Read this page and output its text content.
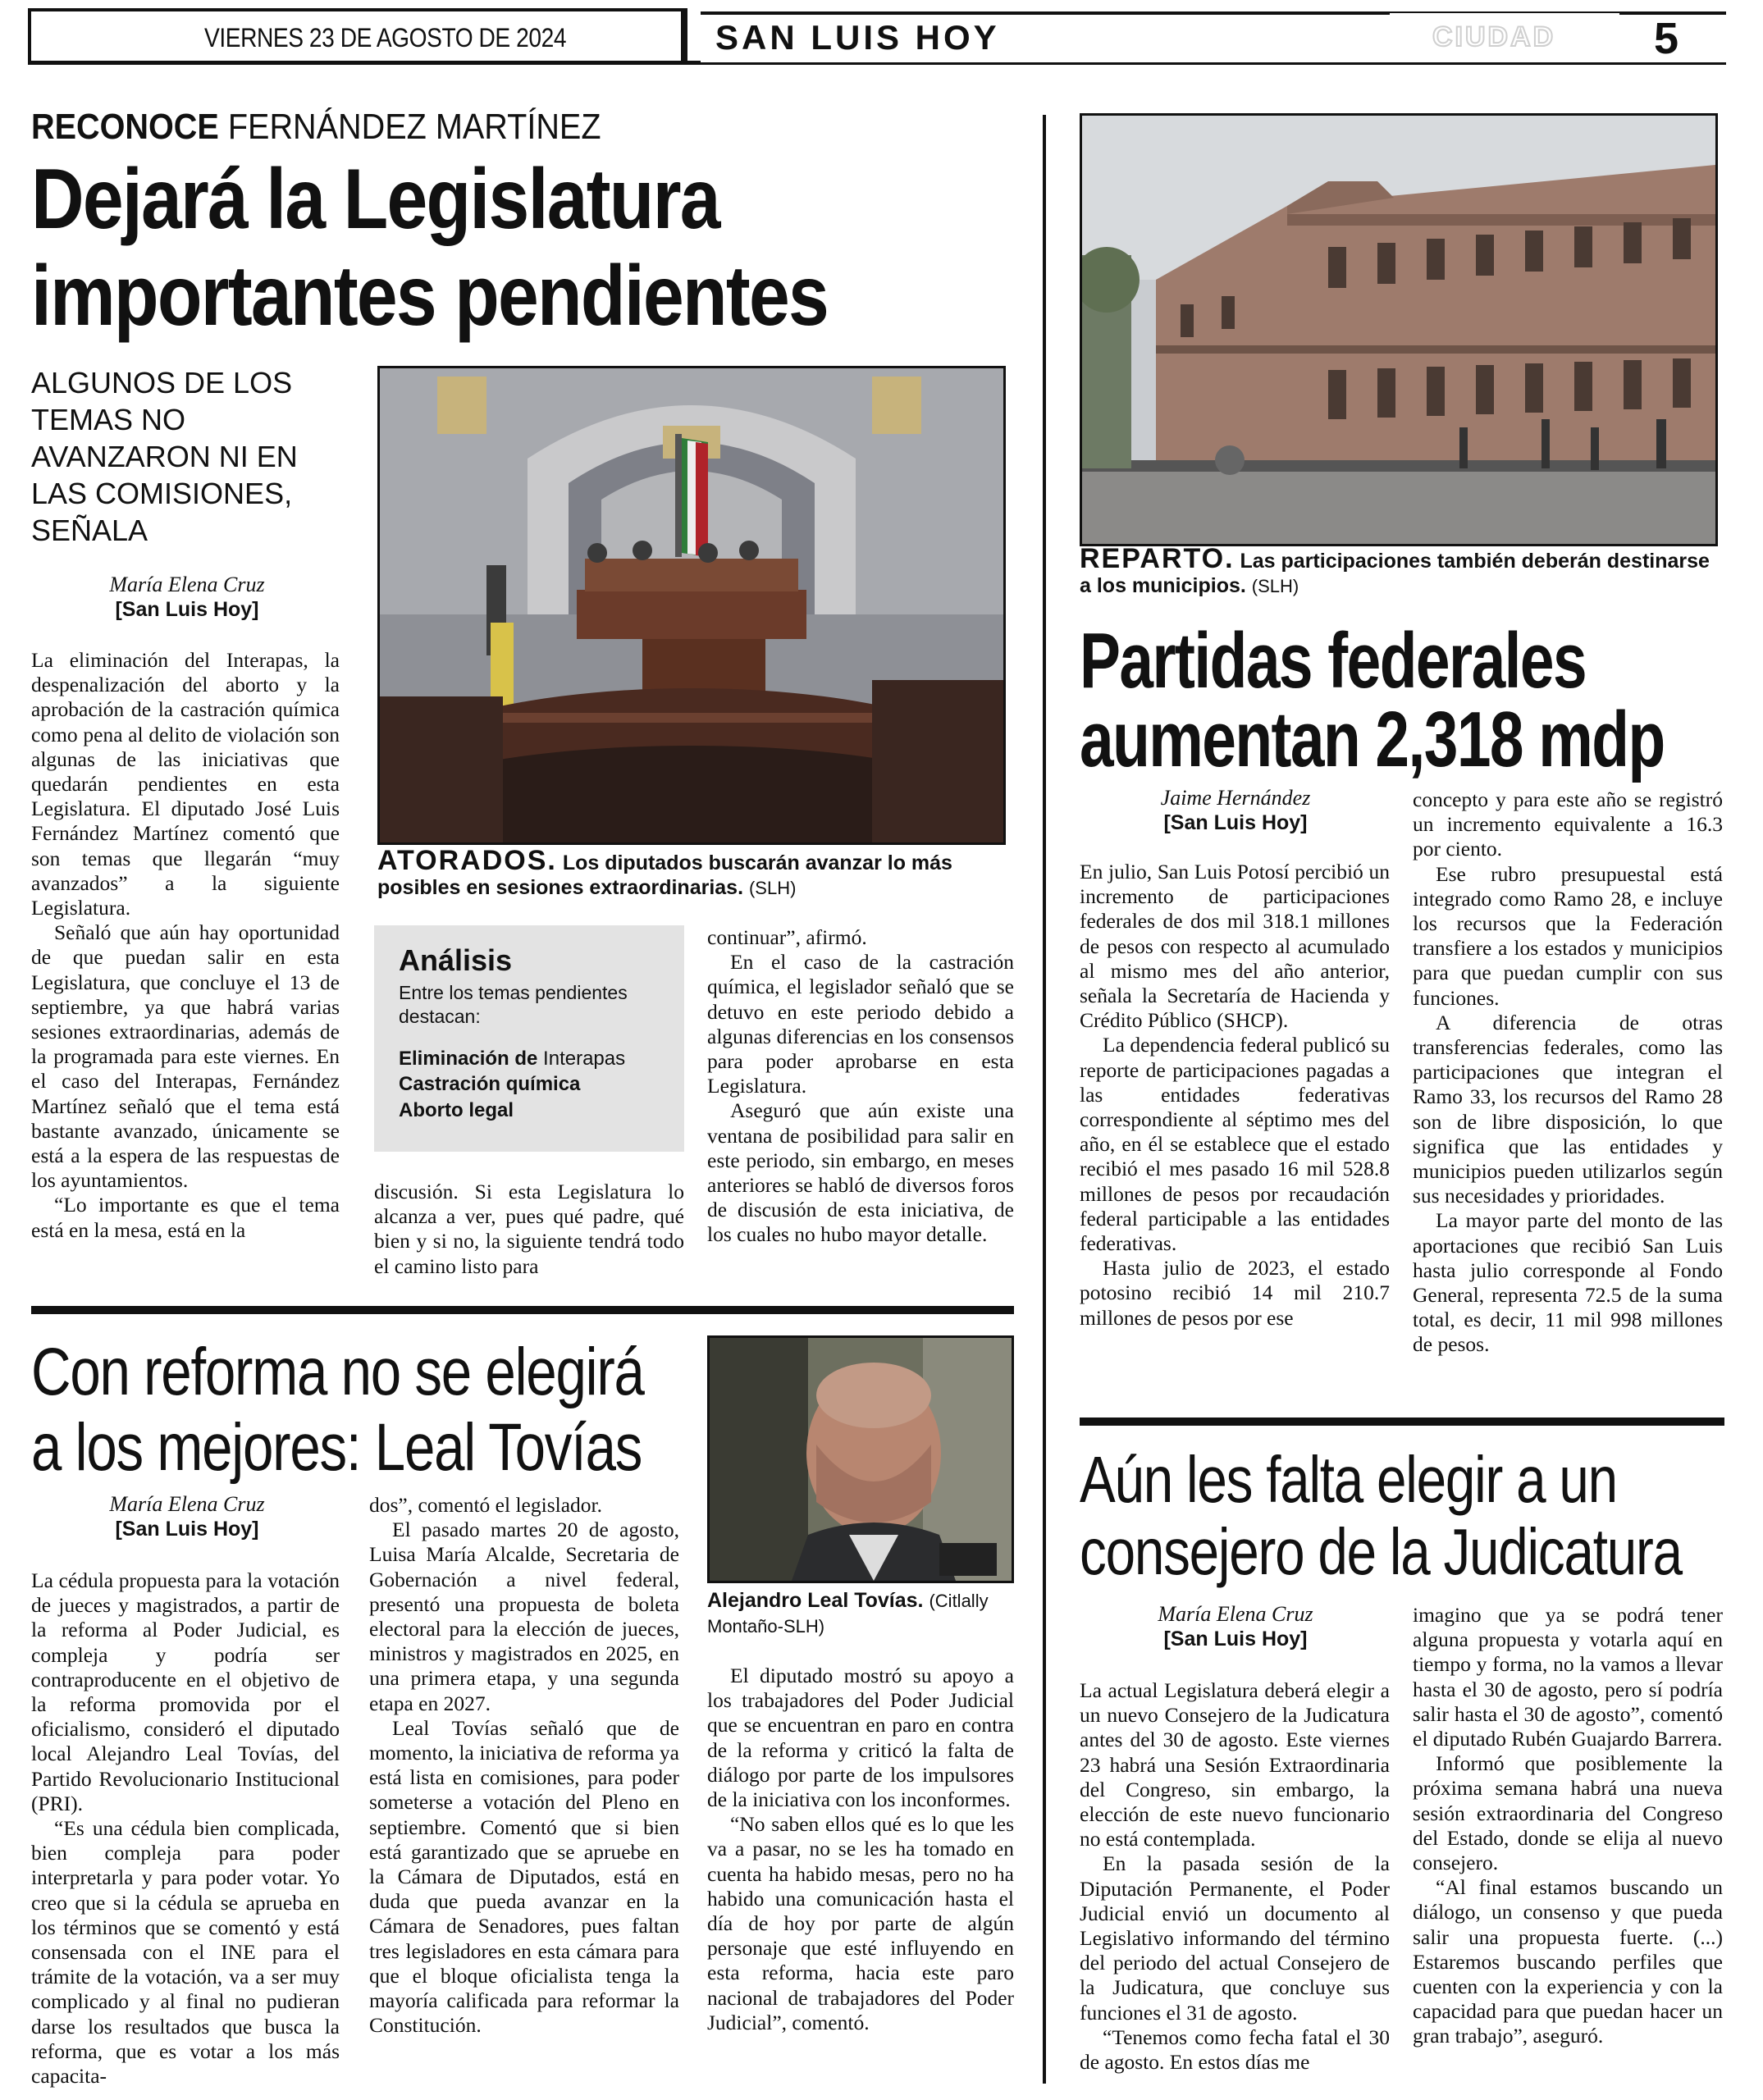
VIERNES 23 DE AGOSTO DE 2024	SAN LUIS HOY	CIUDAD 5
RECONOCE FERNÁNDEZ MARTÍNEZ
Dejará la Legislatura
importantes pendientes
ALGUNOS DE LOS TEMAS NO AVANZARON NI EN LAS COMISIONES, SEÑALA
María Elena Cruz
[San Luis Hoy]

La eliminación del Interapas, la despenalización del aborto y la aprobación de la castración química como pena al delito de violación son algunas de las iniciativas que quedarán pendientes en esta Legislatura. El diputado José Luis Fernández Martínez comentó que son temas que llegarán “muy avanzados” a la siguiente Legislatura.

Señaló que aún hay oportunidad de que puedan salir en esta Legislatura, que concluye el 13 de septiembre, ya que habrá varias sesiones extraordinarias, además de la programada para este viernes. En el caso del Interapas, Fernández Martínez señaló que el tema está bastante avanzado, únicamente se está a la espera de las respuestas de los ayuntamientos.

“Lo importante es que el tema está en la mesa, está en la

ATORADOS. Los diputados buscarán avanzar lo más posibles en sesiones extraordinarias. (SLH)
Análisis
Entre los temas pendientes destacan:
Eliminación de Interapas
Castración química
Aborto legal

discusión. Si esta Legislatura lo alcanza a ver, pues qué padre, qué bien y si no, la siguiente tendrá todo el camino listo para

continuar”, afirmó.

En el caso de la castración química, el legislador señaló que se detuvo en este periodo debido a algunas diferencias en los consensos para poder aprobarse en esta Legislatura.

Aseguró que aún existe una ventana de posibilidad para salir en este periodo, sin embargo, en meses anteriores se habló de diversos foros de discusión de esta iniciativa, de los cuales no hubo mayor detalle.

REPARTO. Las participaciones también deberán destinarse a los municipios. (SLH)
Partidas federales
aumentan 2,318 mdp
Jaime Hernández
[San Luis Hoy]

En julio, San Luis Potosí percibió un incremento de participaciones federales de dos mil 318.1 millones de pesos con respecto al acumulado al mismo mes del año anterior, señala la Secretaría de Hacienda y Crédito Público (SHCP).

La dependencia federal publicó su reporte de participaciones pagadas a las entidades federativas correspondiente al séptimo mes del año, en él se establece que el estado recibió el mes pasado 16 mil 528.8 millones de pesos por recaudación federal participable a las entidades federativas.

Hasta julio de 2023, el estado potosino recibió 14 mil 210.7 millones de pesos por ese

concepto y para este año se registró un incremento equivalente a 16.3 por ciento.

Ese rubro presupuestal está integrado como Ramo 28, e incluye los recursos que la Federación transfiere a los estados y municipios para que puedan cumplir con sus funciones.

A diferencia de otras transferencias federales, como las participaciones que integran el Ramo 33, los recursos del Ramo 28 son de libre disposición, lo que significa que las entidades y municipios pueden utilizarlos según sus necesidades y prioridades.

La mayor parte del monto de las aportaciones que recibió San Luis hasta julio corresponde al Fondo General, representa 72.5 de la suma total, es decir, 11 mil 998 millones de pesos.

Con reforma no se elegirá
a los mejores: Leal Tovías
María Elena Cruz
[San Luis Hoy]

La cédula propuesta para la votación de jueces y magistrados, a partir de la reforma al Poder Judicial, es compleja y podría ser contraproducente en el objetivo de la reforma promovida por el oficialismo, consideró el diputado local Alejandro Leal Tovías, del Partido Revolucionario Institucional (PRI).

“Es una cédula bien complicada, bien compleja para poder interpretarla y para poder votar. Yo creo que si la cédula se aprueba en los términos que se comentó y está consensada con el INE para el trámite de la votación, va a ser muy complicado y al final no pudieran darse los resultados que busca la reforma, que es votar a los más capacita-

dos”, comentó el legislador.

El pasado martes 20 de agosto, Luisa María Alcalde, Secretaria de Gobernación a nivel federal, presentó una propuesta de boleta electoral para la elección de jueces, ministros y magistrados en 2025, en una primera etapa, y una segunda etapa en 2027.

Leal Tovías señaló que de momento, la iniciativa de reforma ya está lista en comisiones, para poder someterse a votación del Pleno en septiembre. Comentó que si bien está garantizado que se apruebe en la Cámara de Diputados, está en duda que pueda avanzar en la Cámara de Senadores, pues faltan tres legisladores en esta cámara para que el bloque oficialista tenga la mayoría calificada para reformar la Constitución.

Alejandro Leal Tovías. (Citlally Montaño-SLH)

El diputado mostró su apoyo a los trabajadores del Poder Judicial que se encuentran en paro en contra de la reforma y criticó la falta de diálogo por parte de los impulsores de la iniciativa con los inconformes.

“No saben ellos qué es lo que les va a pasar, no se les ha tomado en cuenta ha habido mesas, pero no ha habido una comunicación hasta el día de hoy por parte de algún personaje que esté influyendo en esta reforma, hacia este paro nacional de trabajadores del Poder Judicial”, comentó.

Aún les falta elegir a un
consejero de la Judicatura
María Elena Cruz
[San Luis Hoy]

La actual Legislatura deberá elegir a un nuevo Consejero de la Judicatura antes del 30 de agosto. Este viernes 23 habrá una Sesión Extraordinaria del Congreso, sin embargo, la elección de este nuevo funcionario no está contemplada.

En la pasada sesión de la Diputación Permanente, el Poder Judicial envió un documento al Legislativo informando del término del periodo del actual Consejero de la Judicatura, que concluye sus funciones el 31 de agosto.

“Tenemos como fecha fatal el 30 de agosto. En estos días me

imagino que ya se podrá tener alguna propuesta y votarla aquí en tiempo y forma, no la vamos a llevar hasta el 30 de agosto, pero sí podría salir hasta el 30 de agosto”, comentó el diputado Rubén Guajardo Barrera.

Informó que posiblemente la próxima semana habrá una nueva sesión extraordinaria del Congreso del Estado, donde se elija al nuevo consejero.

“Al final estamos buscando un diálogo, un consenso y que pueda salir una propuesta fuerte. (...) Estaremos buscando perfiles que cuenten con la experiencia y con la capacidad para que puedan hacer un gran trabajo”, aseguró.
